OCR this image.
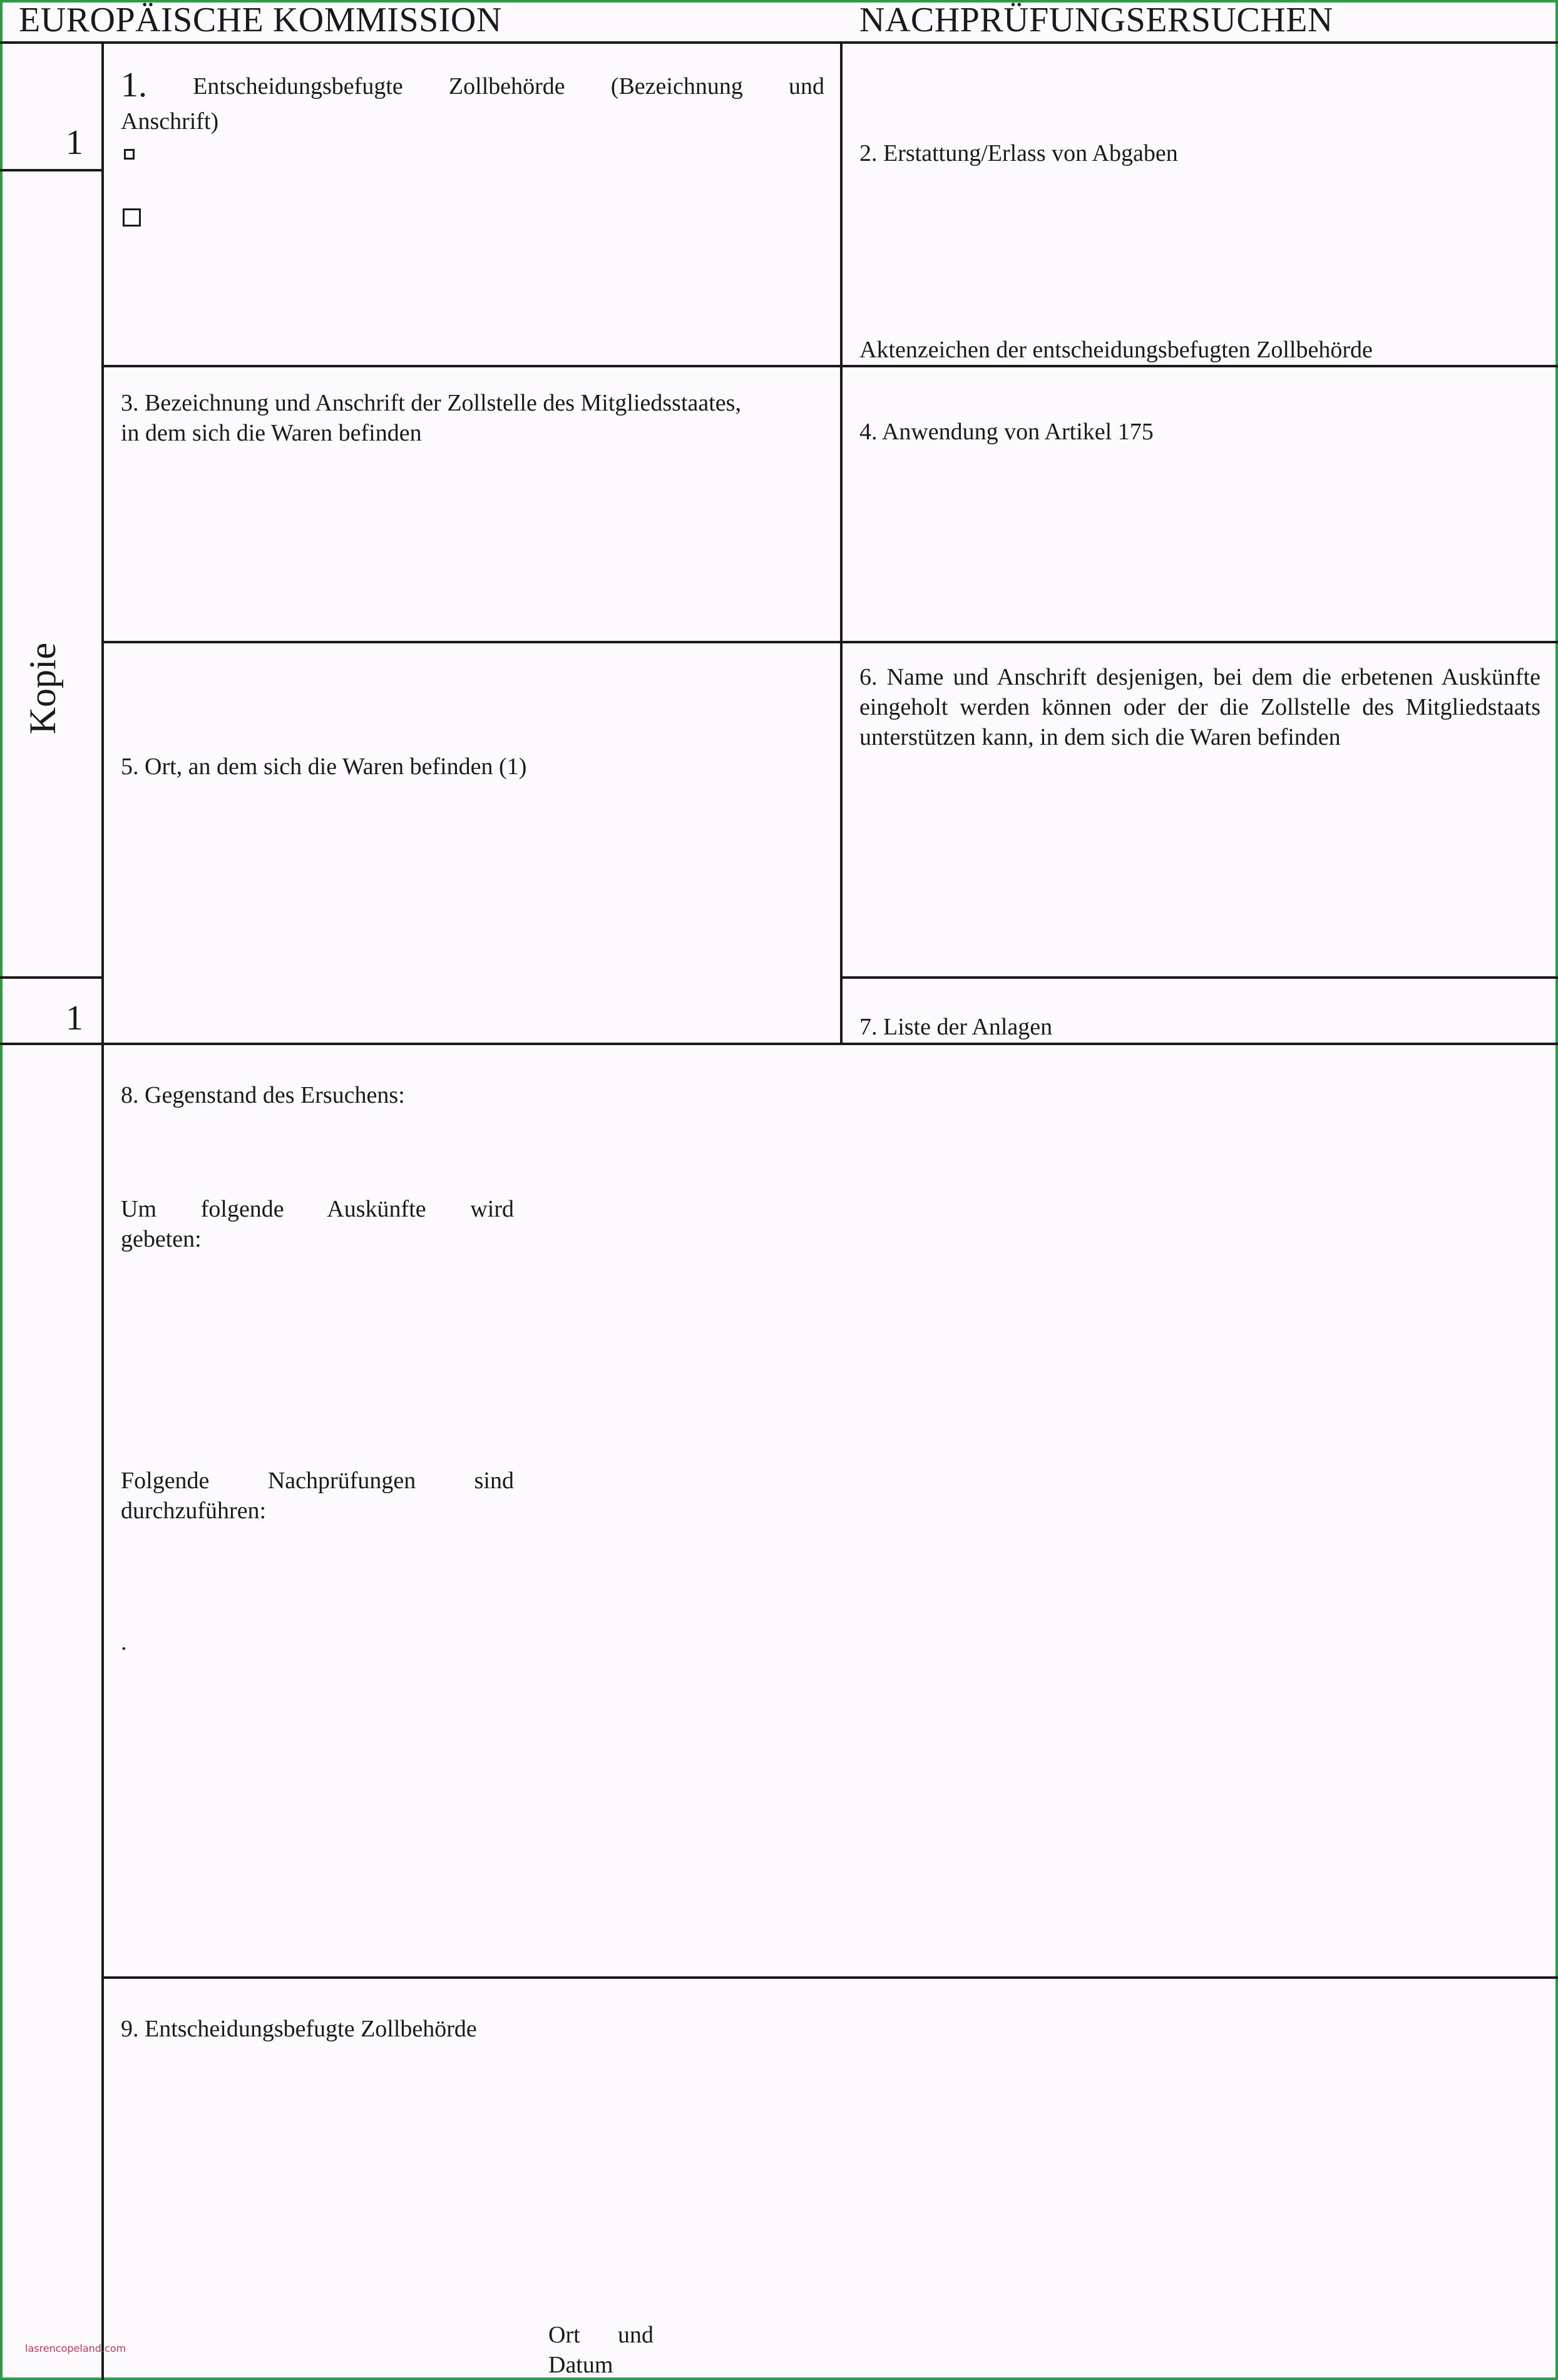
EUROPÄISCHE KOMMISSION	NACHPRÜFUNGSERSUCHEN
1
Kopie
1
1. Entscheidungsbefugte Zollbehörde (Bezeichnung und
Anschrift)
2. Erstattung/Erlass von Abgaben
Aktenzeichen der entscheidungsbefugten Zollbehörde
3. Bezeichnung und Anschrift der Zollstelle des Mitgliedsstaates,
in dem sich die Waren befinden	4. Anwendung von Artikel 175
5. Ort, an dem sich die Waren befinden (1)
6. Name und Anschrift desjenigen, bei dem die erbetenen Auskünfte eingeholt werden können oder der die Zollstelle des Mitgliedstaats unterstützen kann, in dem sich die Waren befinden
7. Liste der Anlagen
8. Gegenstand des Ersuchens:
Um folgende Auskünfte wird
gebeten:
Folgende Nachprüfungen sind
durchzuführen:
.
9. Entscheidungsbefugte Zollbehörde
Ort und
Datum
lasrencopeland.com
